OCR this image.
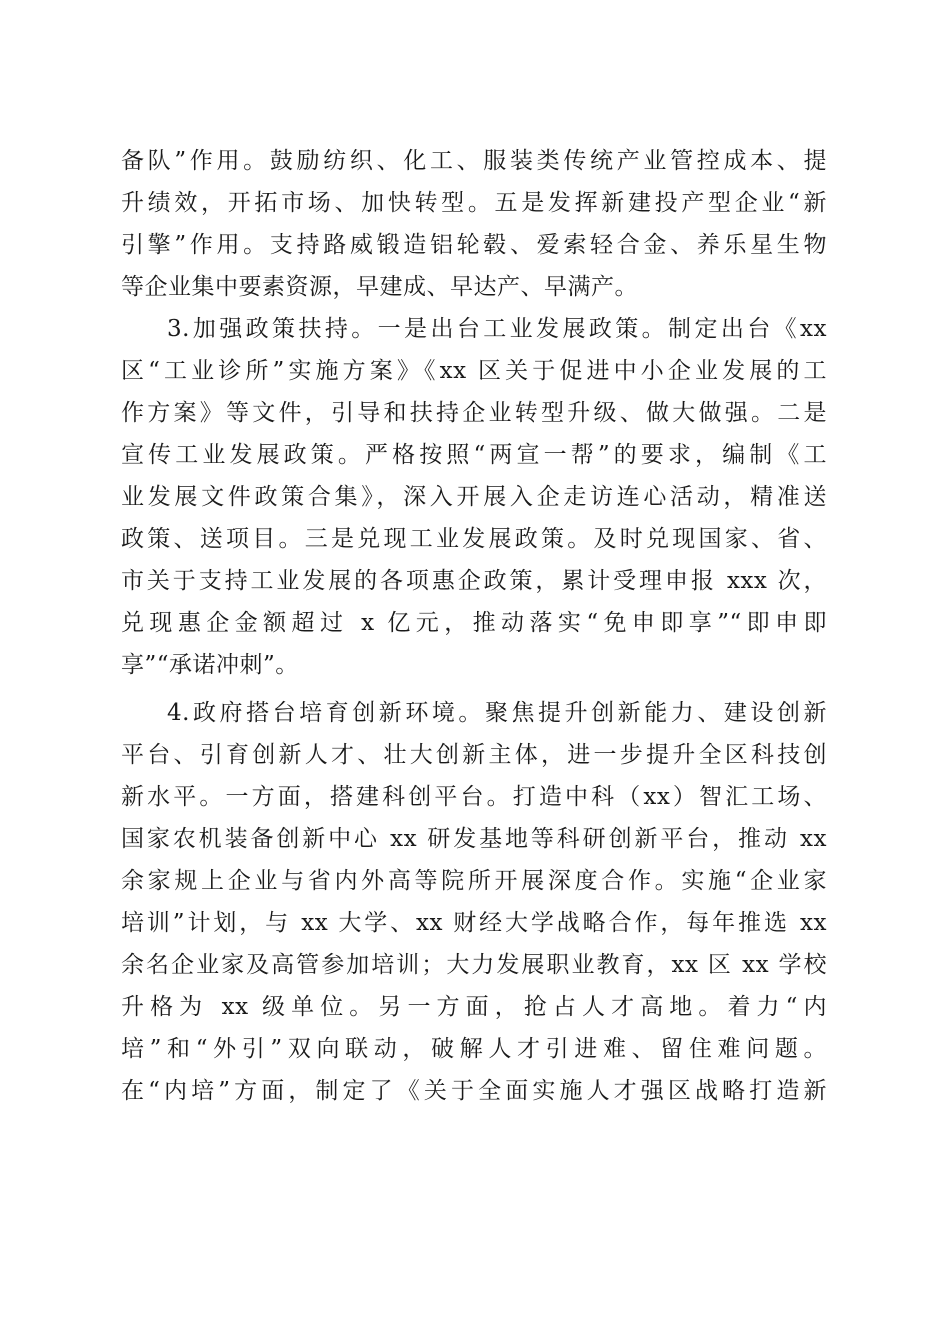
备队”作用。鼓励纺织、化工、服装类传统产业管控成本、提
升绩效，开拓市场、加快转型。五是发挥新建投产型企业“新
引擎”作用。支持路威锻造铝轮毂、爱索轻合金、养乐星生物
等企业集中要素资源，早建成、早达产、早满产。
3.加强政策扶持。一是出台工业发展政策。制定出台《xx
区“工业诊所”实施方案》《xx 区关于促进中小企业发展的工
作方案》等文件，引导和扶持企业转型升级、做大做强。二是
宣传工业发展政策。严格按照“两宣一帮”的要求，编制《工
业发展文件政策合集》，深入开展入企走访连心活动，精准送
政策、送项目。三是兑现工业发展政策。及时兑现国家、省、
市关于支持工业发展的各项惠企政策，累计受理申报 xxx 次，
兑现惠企金额超过 x 亿元，推动落实“免申即享”“即申即
享”“承诺冲刺”。
4.政府搭台培育创新环境。聚焦提升创新能力、建设创新
平台、引育创新人才、壮大创新主体，进一步提升全区科技创
新水平。一方面，搭建科创平台。打造中科（xx）智汇工场、
国家农机装备创新中心 xx 研发基地等科研创新平台，推动 xx
余家规上企业与省内外高等院所开展深度合作。实施“企业家
培训”计划，与 xx 大学、xx 财经大学战略合作，每年推选 xx
余名企业家及高管参加培训；大力发展职业教育，xx 区 xx 学校
升格为 xx 级单位。另一方面，抢占人才高地。着力“内
培”和“外引”双向联动，破解人才引进难、留住难问题。
在“内培”方面，制定了《关于全面实施人才强区战略打造新
